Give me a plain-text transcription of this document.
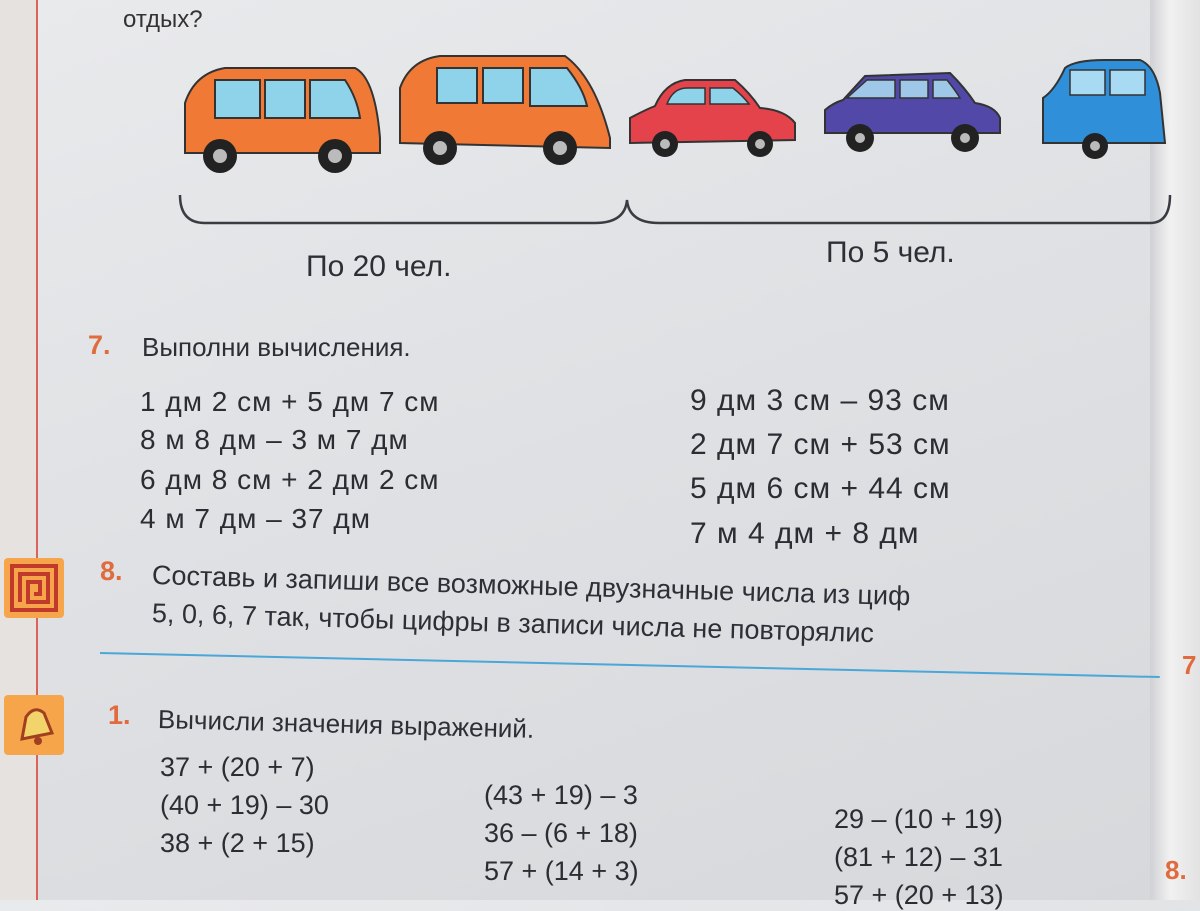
отдых?
По 20 чел.	По 5 чел.
7. Выполни вычисления.
1 дм 2 см + 5 дм 7 см
8 м 8 дм – 3 м 7 дм
6 дм 8 см + 2 дм 2 см
4 м 7 дм – 37 дм
9 дм 3 см – 93 см
2 дм 7 см + 53 см
5 дм 6 см + 44 см
7 м 4 дм + 8 дм
8. Составь и запиши все возможные двузначные числа из циф
5, 0, 6, 7 так, чтобы цифры в записи числа не повторялис
1. Вычисли значения выражений.
37 + (20 + 7)
(40 + 19) – 30
38 + (2 + 15)
(43 + 19) – 3
36 – (6 + 18)
57 + (14 + 3)
29 – (10 + 19)
(81 + 12) – 31
57 + (20 + 13)
7
8.
